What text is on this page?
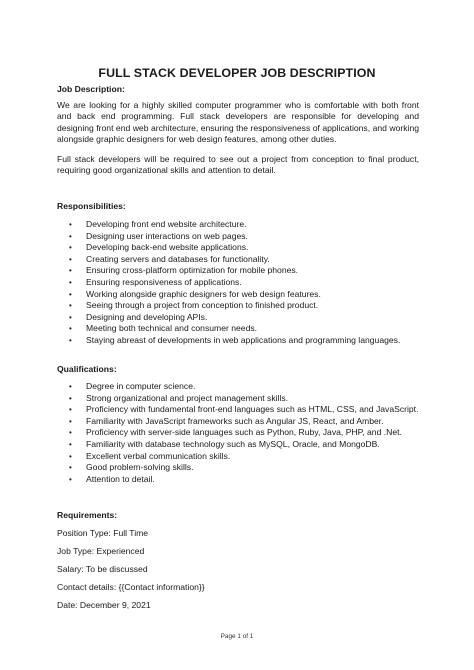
FULL STACK DEVELOPER JOB DESCRIPTION
Job Description:

We are looking for a highly skilled computer programmer who is comfortable with both front and back end programming. Full stack developers are responsible for developing and designing front end web architecture, ensuring the responsiveness of applications, and working alongside graphic designers for web design features, among other duties.

Full stack developers will be required to see out a project from conception to final product, requiring good organizational skills and attention to detail.

Responsibilities:
• Developing front end website architecture.
• Designing user interactions on web pages.
• Developing back-end website applications.
• Creating servers and databases for functionality.
• Ensuring cross-platform optimization for mobile phones.
• Ensuring responsiveness of applications.
• Working alongside graphic designers for web design features.
• Seeing through a project from conception to finished product.
• Designing and developing APIs.
• Meeting both technical and consumer needs.
• Staying abreast of developments in web applications and programming languages.
Qualifications:
• Degree in computer science.
• Strong organizational and project management skills.
• Proficiency with fundamental front-end languages such as HTML, CSS, and JavaScript.
• Familiarity with JavaScript frameworks such as Angular JS, React, and Amber.
• Proficiency with server-side languages such as Python, Ruby, Java, PHP, and .Net.
• Familiarity with database technology such as MySQL, Oracle, and MongoDB.
• Excellent verbal communication skills.
• Good problem-solving skills.
• Attention to detail.
Requirements:
Position Type: Full Time
Job Type: Experienced
Salary: To be discussed
Contact details: {{Contact information}}
Date: December 9, 2021
Page 1 of 1
